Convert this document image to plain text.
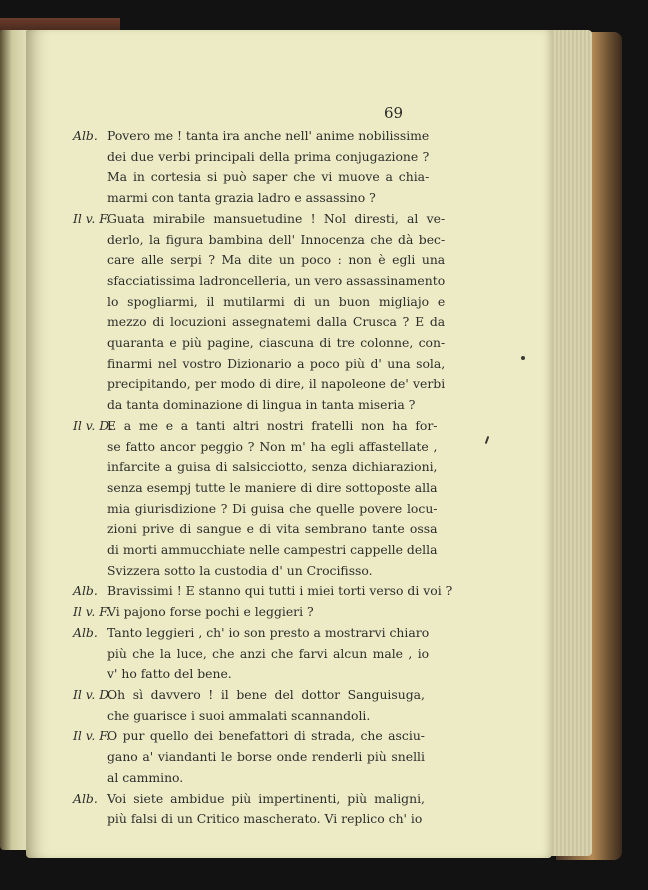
69
Alb. Povero me ! tanta ira anche nell' anime nobilissime
dei due verbi principali della prima conjugazione ?
Ma in cortesia si può saper che vi muove a chia-
marmi con tanta grazia ladro e assassino ?
Il v. F.
Guata mirabile mansuetudine ! Nol diresti, al ve-
derlo, la figura bambina dell' Innocenza che dà bec-
care alle serpi ? Ma dite un poco : non è egli una
sfacciatissima ladroncelleria, un vero assassinamento
lo spogliarmi, il mutilarmi di un buon migliajo e
mezzo di locuzioni assegnatemi dalla Crusca ? E da
quaranta e più pagine, ciascuna di tre colonne, con-
finarmi nel vostro Dizionario a poco più d' una sola,
precipitando, per modo di dire, il napoleone de' verbi
da tanta dominazione di lingua in tanta miseria ?
Il v. D.
E a me e a tanti altri nostri fratelli non ha for-
se fatto ancor peggio ? Non m' ha egli affastellate ,
infarcite a guisa di salsicciotto, senza dichiarazioni,
senza esempj tutte le maniere di dire sottoposte alla
mia giurisdizione ? Di guisa che quelle povere locu-
zioni prive di sangue e di vita sembrano tante ossa
di morti ammucchiate nelle campestri cappelle della
Svizzera sotto la custodia d' un Crocifisso.
Alb. Bravissimi ! E stanno qui tutti i miei torti verso di voi ?
Il v. F.
Vi pajono forse pochi e leggieri ?
Alb. Tanto leggieri , ch' io son presto a mostrarvi chiaro
più che la luce, che anzi che farvi alcun male , io
v' ho fatto del bene.
Il v. D.
Oh sì davvero ! il bene del dottor Sanguisuga,
che guarisce i suoi ammalati scannandoli.
Il v. F.
O pur quello dei benefattori di strada, che asciu-
gano a' viandanti le borse onde renderli più snelli
al cammino.
Alb. Voi siete ambidue più impertinenti, più maligni,
più falsi di un Critico mascherato. Vi replico ch' io
